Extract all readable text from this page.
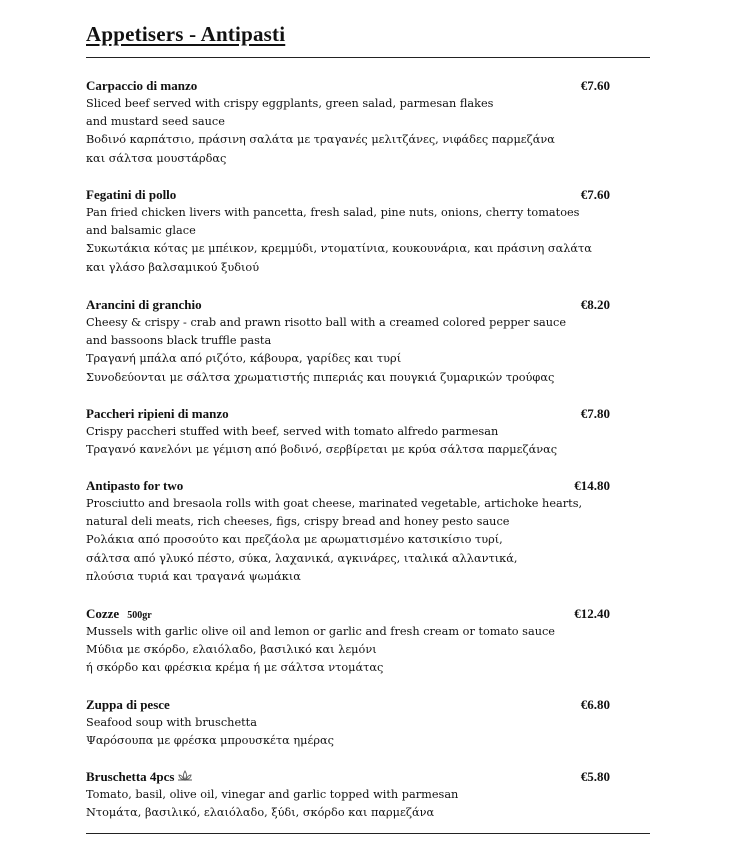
Appetisers - Antipasti
Carpaccio di manzo	€7.60
Sliced beef served with crispy eggplants, green salad, parmesan flakes
and mustard seed sauce
Βοδινό καρπάτσιο, πράσινη σαλάτα με τραγανές μελιτζάνες, νιφάδες παρμεζάνα
και σάλτσα μουστάρδας
Fegatini di pollo	€7.60
Pan fried chicken livers with pancetta, fresh salad, pine nuts, onions, cherry tomatoes
and balsamic glace
Συκωτάκια κότας με μπέικον, κρεμμύδι, ντοματίνια, κουκουνάρια, και πράσινη σαλάτα
και γλάσο βαλσαμικού ξυδιού
Arancini di granchio	€8.20
Cheesy & crispy - crab and prawn risotto ball with a creamed colored pepper sauce
and bassoons black truffle pasta
Τραγανή μπάλα από ριζότο, κάβουρα, γαρίδες και τυρί
Συνοδεύονται με σάλτσα χρωματιστής πιπεριάς και πουγκιά ζυμαρικών τρούφας
Paccheri ripieni di manzo	€7.80
Crispy paccheri stuffed with beef, served with tomato alfredo parmesan
Τραγανό κανελόνι με γέμιση από βοδινό, σερβίρεται με κρύα σάλτσα παρμεζάνας
Antipasto for two	€14.80
Prosciutto and bresaola rolls with goat cheese, marinated vegetable, artichoke hearts,
natural deli meats, rich cheeses, figs, crispy bread and honey pesto sauce
Ρολάκια από προσούτο και πρεζάολα με αρωματισμένο κατσικίσιο τυρί,
σάλτσα από γλυκό πέστο, σύκα, λαχανικά, αγκινάρες, ιταλικά αλλαντικά,
πλούσια τυριά και τραγανά ψωμάκια
Cozze 500gr	€12.40
Mussels with garlic olive oil and lemon or garlic and fresh cream or tomato sauce
Μύδια με σκόρδο, ελαιόλαδο, βασιλικό και λεμόνι
ή σκόρδο και φρέσκια κρέμα ή με σάλτσα ντομάτας
Zuppa di pesce	€6.80
Seafood soup with bruschetta
Ψαρόσουπα με φρέσκα μπρουσκέτα ημέρας
Bruschetta 4pcs	€5.80
Tomato, basil, olive oil, vinegar and garlic topped with parmesan
Ντομάτα, βασιλικό, ελαιόλαδο, ξύδι, σκόρδο και παρμεζάνα
